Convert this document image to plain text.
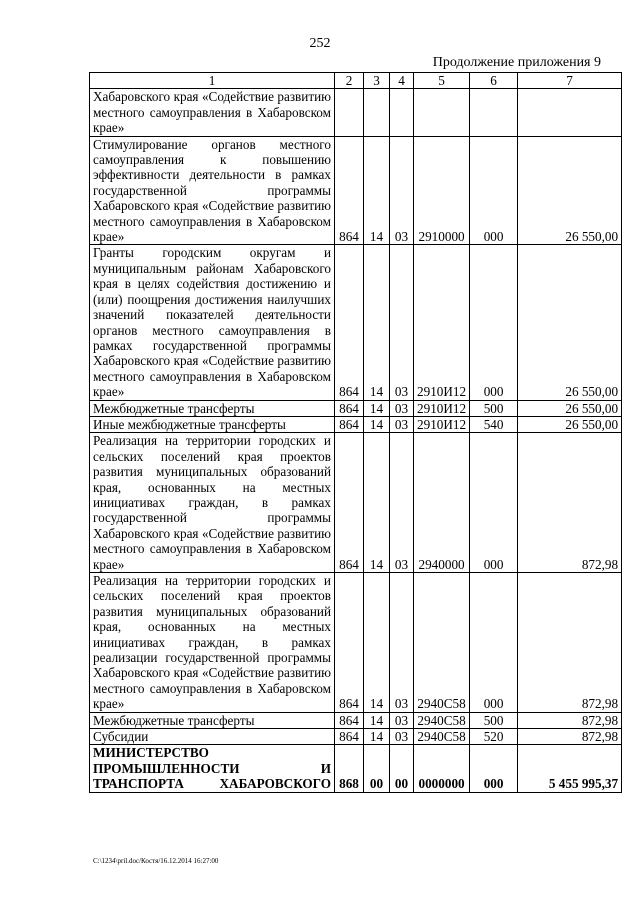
252
Продолжение приложения 9
1	2	3	4	5	6	7
Хабаровского края «Содействие развитию местного самоуправления в Хабаровском крае»						
Стимулирование органов местного самоуправления к повышению эффективности деятельности в рамках государственной программы Хабаровского края «Содействие развитию местного самоуправления в Хабаровском крае»	864	14	03	2910000	000	26 550,00
Гранты городским округам и муниципальным районам Хабаровского края в целях содействия достижению и (или) поощрения достижения наилучших значений показателей деятельности органов местного самоуправления в рамках государственной программы Хабаровского края «Содействие развитию местного самоуправления в Хабаровском крае»	864	14	03	2910И12	000	26 550,00
Межбюджетные трансферты	864	14	03	2910И12	500	26 550,00
Иные межбюджетные трансферты	864	14	03	2910И12	540	26 550,00
Реализация на территории городских и сельских поселений края проектов развития муниципальных образований края, основанных на местных инициативах граждан, в рамках государственной программы Хабаровского края «Содействие развитию местного самоуправления в Хабаровском крае»	864	14	03	2940000	000	872,98
Реализация на территории городских и сельских поселений края проектов развития муниципальных образований края, основанных на местных инициативах граждан, в рамках реализации государственной программы Хабаровского края «Содействие развитию местного самоуправления в Хабаровском крае»	864	14	03	2940С58	000	872,98
Межбюджетные трансферты	864	14	03	2940С58	500	872,98
Субсидии	864	14	03	2940С58	520	872,98
МИНИСТЕРСТВО ПРОМЫШЛЕННОСТИ И ТРАНСПОРТА ХАБАРОВСКОГО	868	00	00	0000000	000	5 455 995,37
C:\1234\pril.doc/Костя/16.12.2014 16:27:00
